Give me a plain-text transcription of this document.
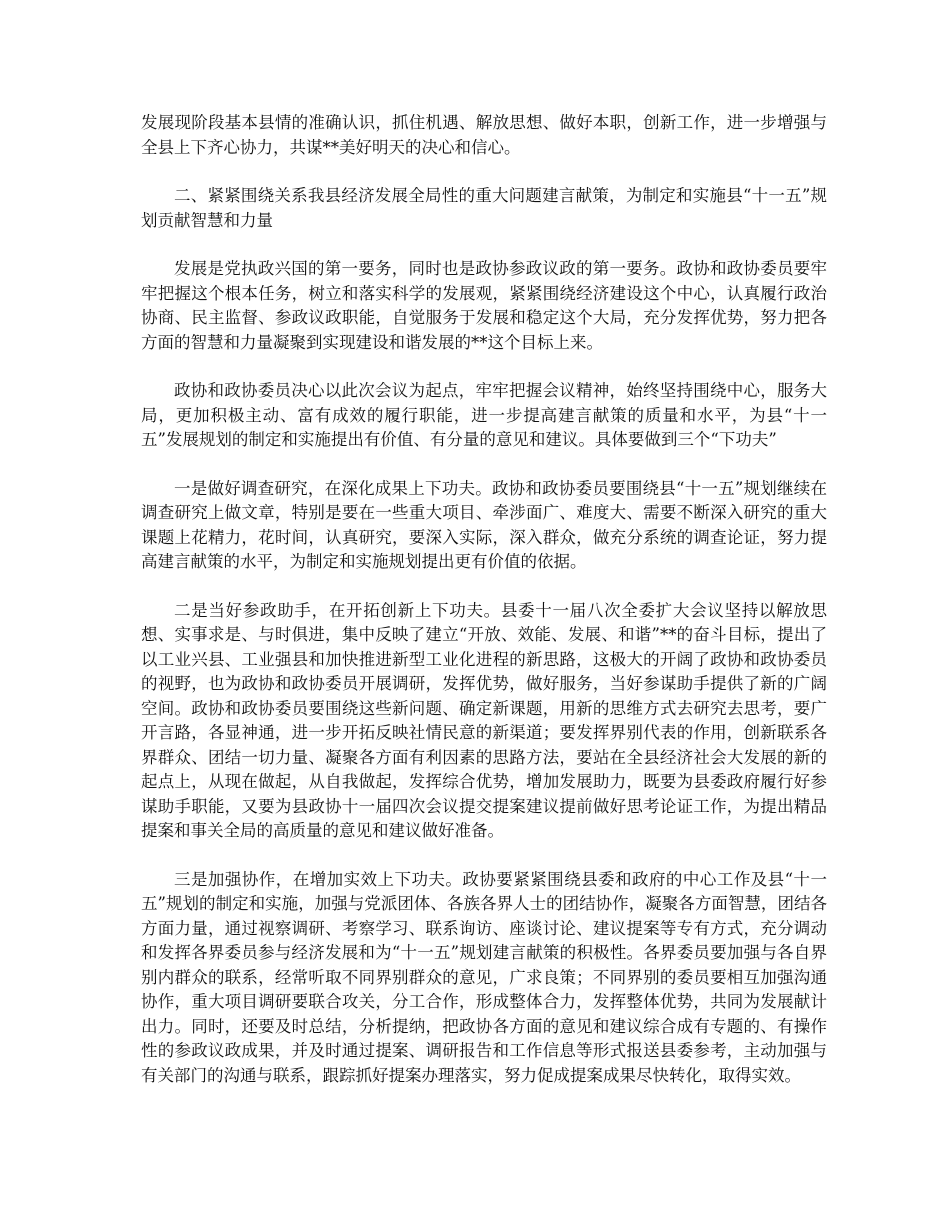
发展现阶段基本县情的准确认识，抓住机遇、解放思想、做好本职，创新工作，进一步增强与全县上下齐心协力，共谋**美好明天的决心和信心。

二、紧紧围绕关系我县经济发展全局性的重大问题建言献策，为制定和实施县“十一五”规划贡献智慧和力量

发展是党执政兴国的第一要务，同时也是政协参政议政的第一要务。政协和政协委员要牢牢把握这个根本任务，树立和落实科学的发展观，紧紧围绕经济建设这个中心，认真履行政治协商、民主监督、参政议政职能，自觉服务于发展和稳定这个大局，充分发挥优势，努力把各方面的智慧和力量凝聚到实现建设和谐发展的**这个目标上来。

政协和政协委员决心以此次会议为起点，牢牢把握会议精神，始终坚持围绕中心，服务大局，更加积极主动、富有成效的履行职能，进一步提高建言献策的质量和水平，为县“十一五”发展规划的制定和实施提出有价值、有分量的意见和建议。具体要做到三个“下功夫”

一是做好调查研究，在深化成果上下功夫。政协和政协委员要围绕县“十一五”规划继续在调查研究上做文章，特别是要在一些重大项目、牵涉面广、难度大、需要不断深入研究的重大课题上花精力，花时间，认真研究，要深入实际，深入群众，做充分系统的调查论证，努力提高建言献策的水平，为制定和实施规划提出更有价值的依据。

二是当好参政助手，在开拓创新上下功夫。县委十一届八次全委扩大会议坚持以解放思想、实事求是、与时俱进，集中反映了建立“开放、效能、发展、和谐”**的奋斗目标，提出了以工业兴县、工业强县和加快推进新型工业化进程的新思路，这极大的开阔了政协和政协委员的视野，也为政协和政协委员开展调研，发挥优势，做好服务，当好参谋助手提供了新的广阔空间。政协和政协委员要围绕这些新问题、确定新课题，用新的思维方式去研究去思考，要广开言路，各显神通，进一步开拓反映社情民意的新渠道；要发挥界别代表的作用，创新联系各界群众、团结一切力量、凝聚各方面有利因素的思路方法，要站在全县经济社会大发展的新的起点上，从现在做起，从自我做起，发挥综合优势，增加发展助力，既要为县委政府履行好参谋助手职能，又要为县政协十一届四次会议提交提案建议提前做好思考论证工作，为提出精品提案和事关全局的高质量的意见和建议做好准备。

三是加强协作，在增加实效上下功夫。政协要紧紧围绕县委和政府的中心工作及县“十一五”规划的制定和实施，加强与党派团体、各族各界人士的团结协作，凝聚各方面智慧，团结各方面力量，通过视察调研、考察学习、联系询访、座谈讨论、建议提案等专有方式，充分调动和发挥各界委员参与经济发展和为“十一五”规划建言献策的积极性。各界委员要加强与各自界别内群众的联系，经常听取不同界别群众的意见，广求良策；不同界别的委员要相互加强沟通协作，重大项目调研要联合攻关，分工合作，形成整体合力，发挥整体优势，共同为发展献计出力。同时，还要及时总结，分析提纳，把政协各方面的意见和建议综合成有专题的、有操作性的参政议政成果，并及时通过提案、调研报告和工作信息等形式报送县委参考，主动加强与有关部门的沟通与联系，跟踪抓好提案办理落实，努力促成提案成果尽快转化，取得实效。
